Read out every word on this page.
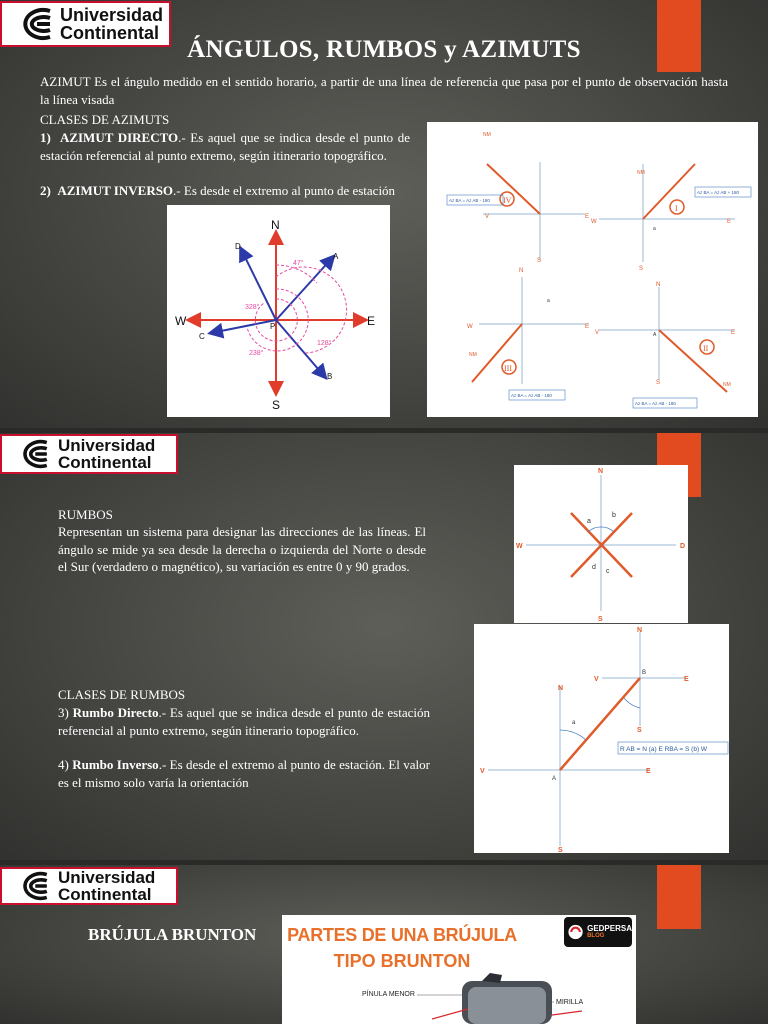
Universidad
Continental
ÁNGULOS, RUMBOS y AZIMUTS
AZIMUT Es el ángulo medido en el sentido horario, a partir de una línea de referencia que pasa por el punto de observación hasta la línea visada
CLASES DE AZIMUTS
1) AZIMUT DIRECTO.- Es aquel que se indica desde el punto de estación referencial al punto extremo, según itinerario topográfico.
2) AZIMUT INVERSO.- Es desde el extremo al punto de estación
N
S
E
W	P
A
B
C
D
47°
128°
238°
328°
IV
I
III
II
Az BA = Az AB - 180
Az BA = Az AB + 180
Az BA = Az AB - 180
Az BA = Az AB - 180
V	E
S
NM
W	E
S
NM
W	E
N
NM
V	E
N
S	NM
A
a
a
Universidad
Continental
RUMBOS
Representan un sistema para designar las direcciones de las líneas. El ángulo se mide ya sea desde la derecha o izquierda del Norte o desde el Sur (verdadero o magnético), su variación es entre 0 y 90 grados.
CLASES DE RUMBOS
3) Rumbo Directo.- Es aquel que se indica desde el punto de estación referencial al punto extremo, según itinerario topográfico.
4) Rumbo Inverso.- Es desde el extremo al punto de estación. El valor es el mismo solo varía la orientación
N
S
W	D
a
b
c
d
R AB = N (a) E RBA = S (b) W
N
S
V	E
N
S
V	E
A
B
a
Universidad
Continental
BRÚJULA BRUNTON PARTES DE UNA BRÚJULA
TIPO BRUNTON
GEDPERSA
BLOG
PÍNULA MENOR
MIRILLA
